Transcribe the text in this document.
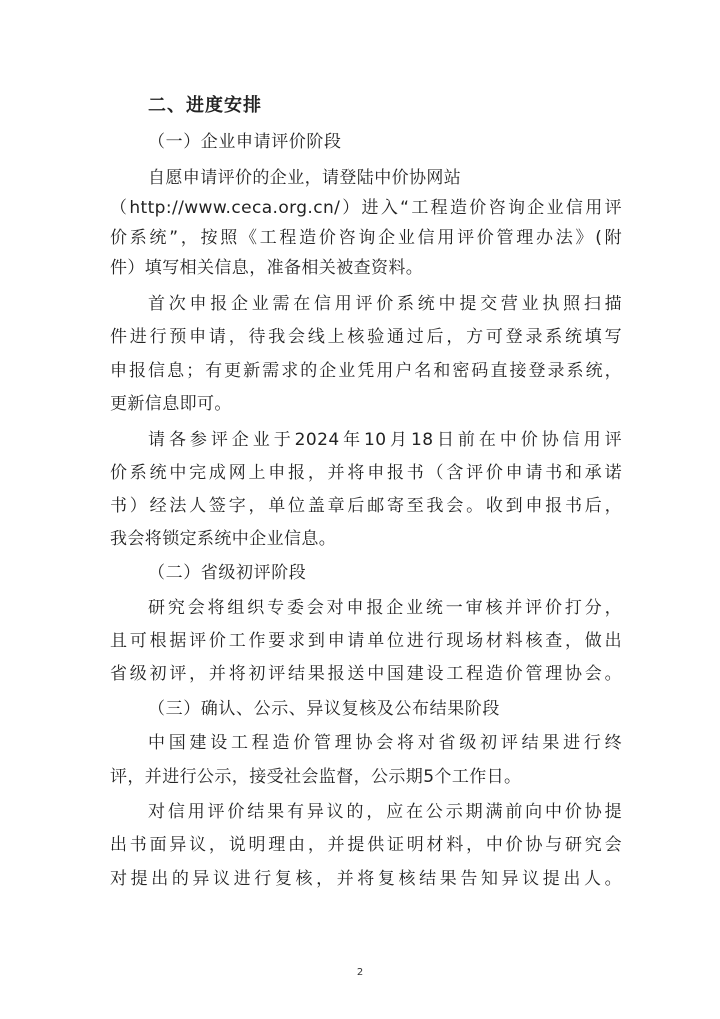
二、进度安排
（一）企业申请评价阶段
自愿申请评价的企业，请登陆中价协网站
（http://www.ceca.org.cn/）进入“工程造价咨询企业信用评
价系统”，按照《工程造价咨询企业信用评价管理办法》(附
件）填写相关信息，准备相关被查资料。
首次申报企业需在信用评价系统中提交营业执照扫描
件进行预申请，待我会线上核验通过后，方可登录系统填写
申报信息；有更新需求的企业凭用户名和密码直接登录系统，
更新信息即可。
请各参评企业于2024年10月18日前在中价协信用评
价系统中完成网上申报，并将申报书（含评价申请书和承诺
书）经法人签字，单位盖章后邮寄至我会。收到申报书后，
我会将锁定系统中企业信息。
（二）省级初评阶段
研究会将组织专委会对申报企业统一审核并评价打分，
且可根据评价工作要求到申请单位进行现场材料核查，做出
省级初评，并将初评结果报送中国建设工程造价管理协会。
（三）确认、公示、异议复核及公布结果阶段
中国建设工程造价管理协会将对省级初评结果进行终
评，并进行公示，接受社会监督，公示期5个工作日。
对信用评价结果有异议的，应在公示期满前向中价协提
出书面异议，说明理由，并提供证明材料，中价协与研究会
对提出的异议进行复核，并将复核结果告知异议提出人。
2
